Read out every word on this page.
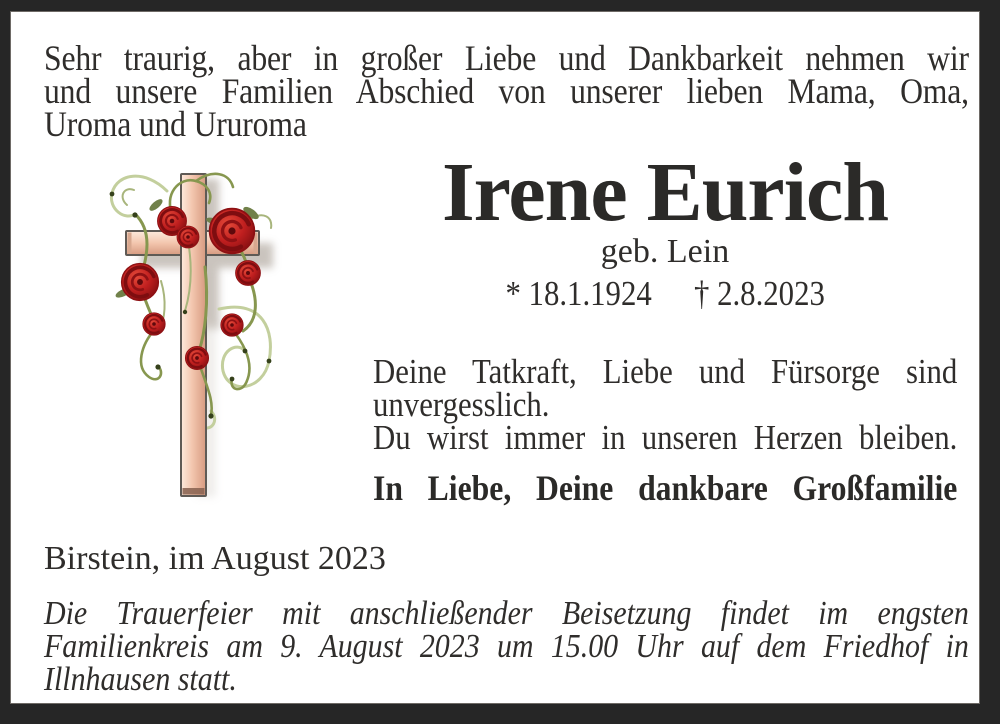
Sehr traurig, aber in großer Liebe und Dankbarkeit nehmen wir
und unsere Familien Abschied von unserer lieben Mama, Oma,
Uroma und Ururoma
Irene Eurich
geb. Lein
* 18.1.1924 † 2.8.2023
Deine Tatkraft, Liebe und Fürsorge sind
unvergesslich.
Du wirst immer in unseren Herzen bleiben.
In Liebe, Deine dankbare Großfamilie
Birstein, im August 2023
Die Trauerfeier mit anschließender Beisetzung findet im engsten
Familienkreis am 9. August 2023 um 15.00 Uhr auf dem Friedhof in
Illnhausen statt.
